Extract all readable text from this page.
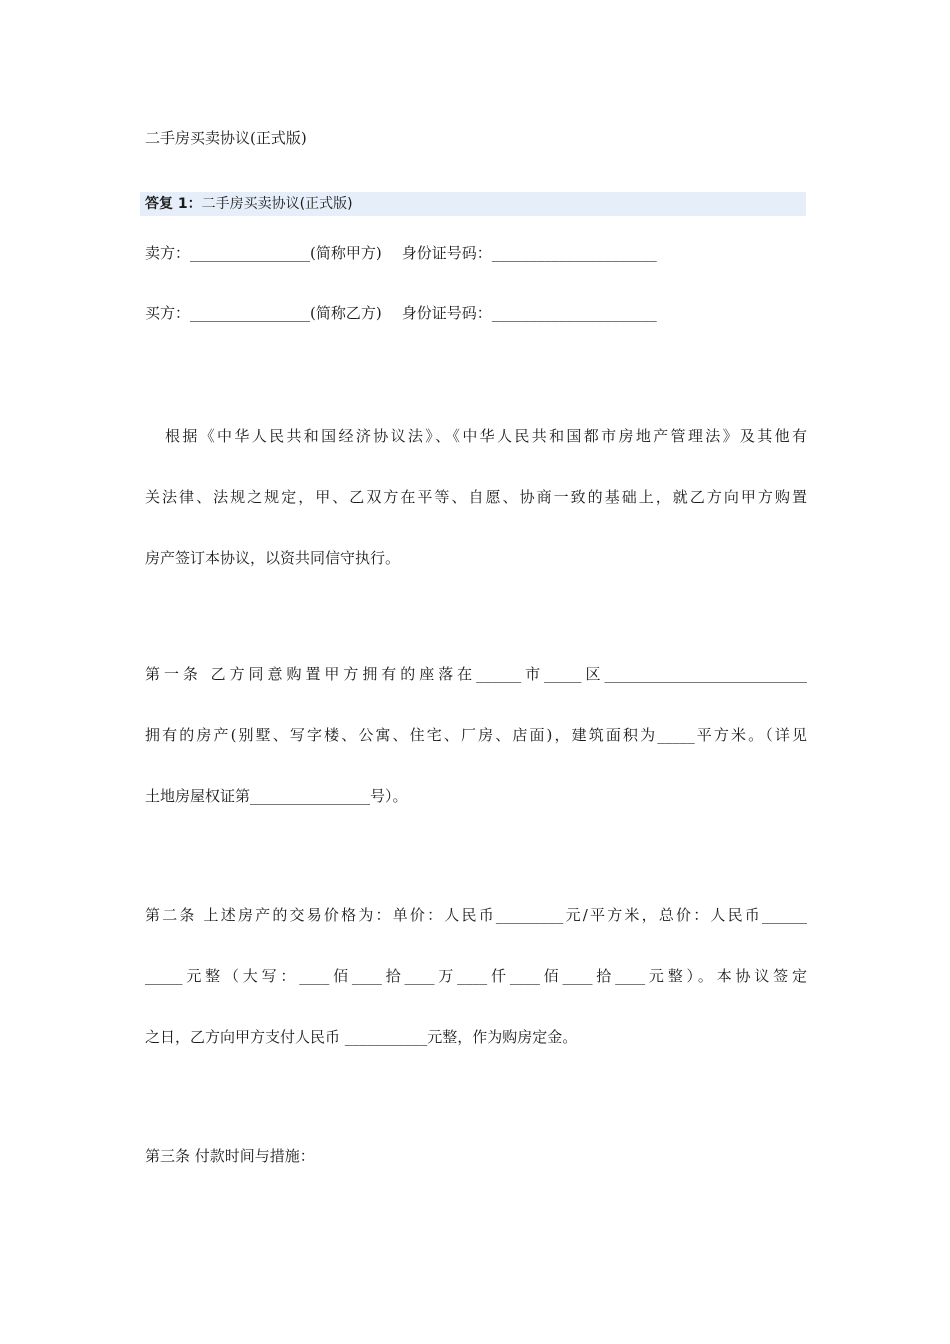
二手房买卖协议(正式版)
答复 1：二手房买卖协议(正式版)
卖方：________________(简称甲方) 身份证号码：______________________
买方：________________(简称乙方) 身份证号码：______________________
根据《中华人民共和国经济协议法》、《中华人民共和国都市房地产管理法》及其他有
关法律、法规之规定，甲、乙双方在平等、自愿、协商一致的基础上，就乙方向甲方购置
房产签订本协议，以资共同信守执行。
第一条 乙方同意购置甲方拥有的座落在______市_____区___________________________
拥有的房产(别墅、写字楼、公寓、住宅、厂房、店面)，建筑面积为_____平方米。（详见
土地房屋权证第________________号）。
第二条 上述房产的交易价格为：单价：人民币_________元/平方米，总价：人民币______
_____元整（大写：____佰____拾____万____仟____佰____拾____元整）。本协议签定
之日，乙方向甲方支付人民币 ___________元整，作为购房定金。
第三条 付款时间与措施：
